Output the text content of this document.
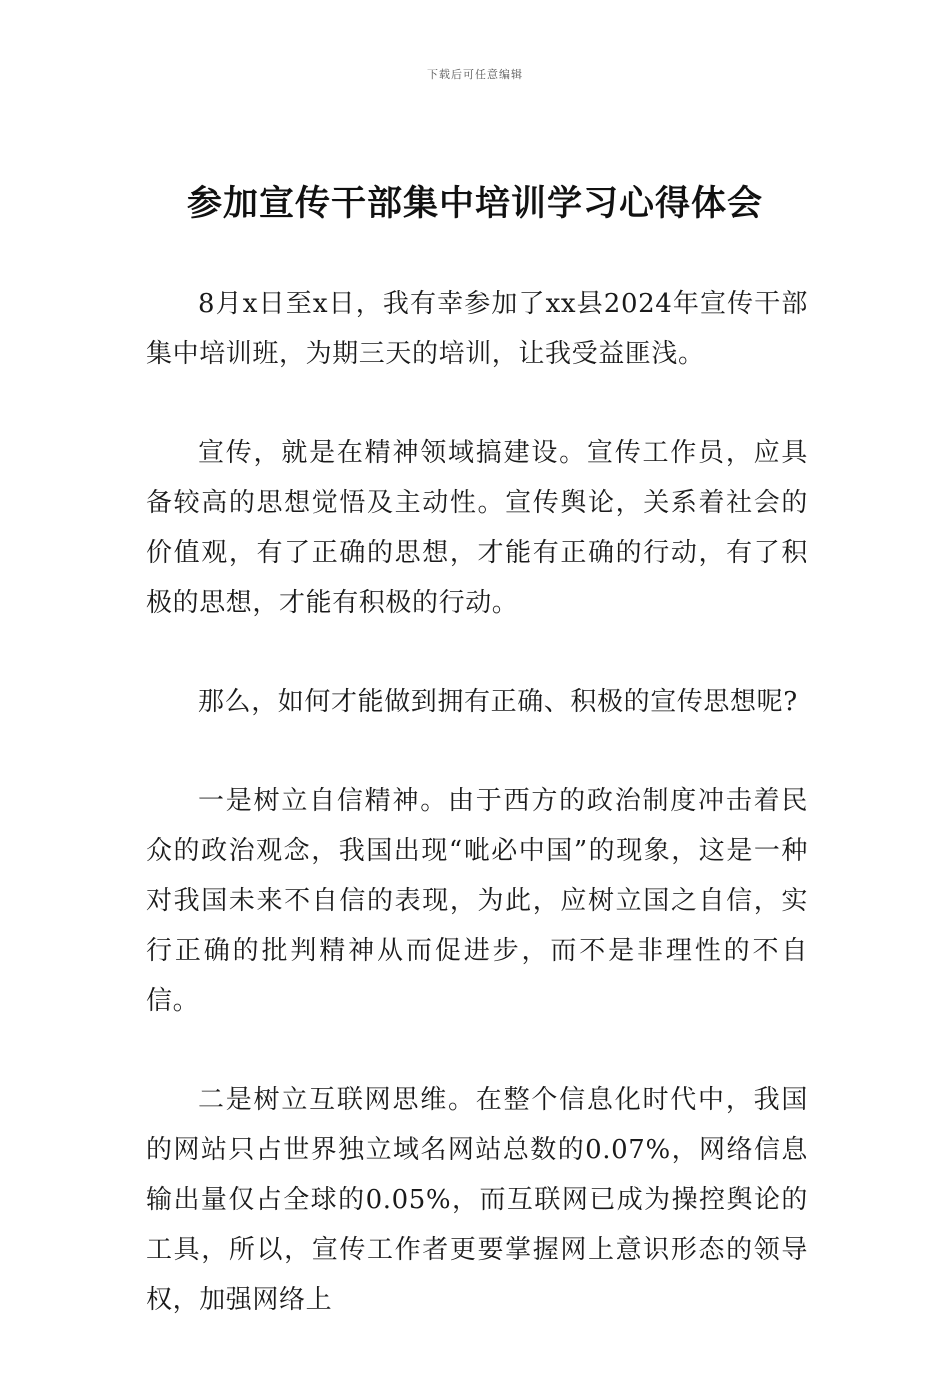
下载后可任意编辑
参加宣传干部集中培训学习心得体会

8月x日至x日，我有幸参加了xx县2024年宣传干部集中培训班，为期三天的培训，让我受益匪浅。

宣传，就是在精神领域搞建设。宣传工作员，应具备较高的思想觉悟及主动性。宣传舆论，关系着社会的价值观，有了正确的思想，才能有正确的行动，有了积极的思想，才能有积极的行动。

那么，如何才能做到拥有正确、积极的宣传思想呢?

一是树立自信精神。由于西方的政治制度冲击着民众的政治观念，我国出现“呲必中国”的现象，这是一种对我国未来不自信的表现，为此，应树立国之自信，实行正确的批判精神从而促进步，而不是非理性的不自信。

二是树立互联网思维。在整个信息化时代中，我国的网站只占世界独立域名网站总数的0.07%，网络信息输出量仅占全球的0.05%，而互联网已成为操控舆论的工具，所以，宣传工作者更要掌握网上意识形态的领导权，加强网络上
